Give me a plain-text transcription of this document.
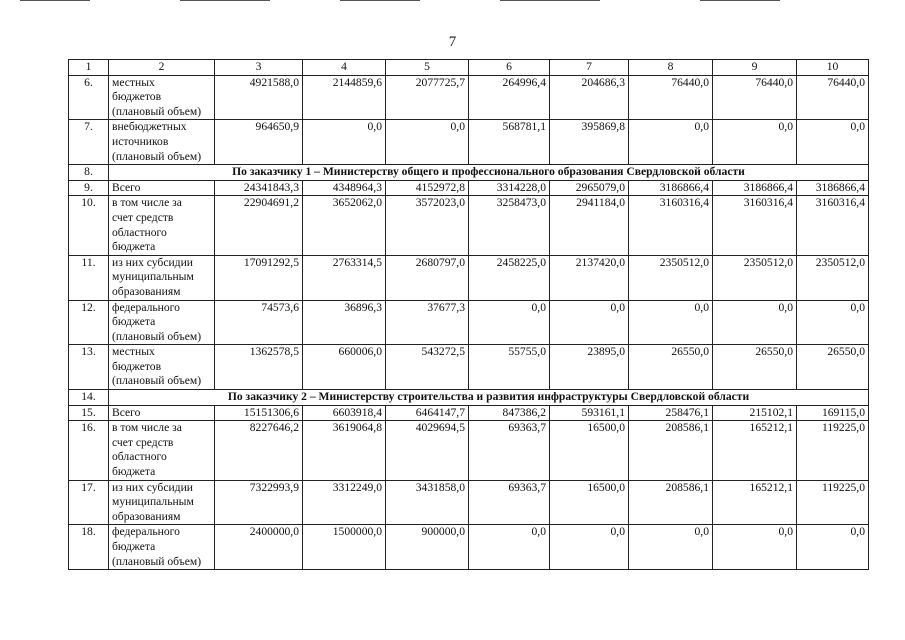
7
1	2	3	4	5	6	7	8	9	10
6.	местных
бюджетов
(плановый объем)	4921588,0	2144859,6	2077725,7	264996,4	204686,3	76440,0	76440,0	76440,0
7.	внебюджетных
источников
(плановый объем)	964650,9	0,0	0,0	568781,1	395869,8	0,0	0,0	0,0
8.	По заказчику 1 – Министерству общего и профессионального образования Свердловской области								
9.	Всего	24341843,3	4348964,3	4152972,8	3314228,0	2965079,0	3186866,4	3186866,4	3186866,4
10.	в том числе за
счет средств
областного
бюджета	22904691,2	3652062,0	3572023,0	3258473,0	2941184,0	3160316,4	3160316,4	3160316,4
11.	из них субсидии
муниципальным
образованиям	17091292,5	2763314,5	2680797,0	2458225,0	2137420,0	2350512,0	2350512,0	2350512,0
12.	федерального
бюджета
(плановый объем)	74573,6	36896,3	37677,3	0,0	0,0	0,0	0,0	0,0
13.	местных
бюджетов
(плановый объем)	1362578,5	660006,0	543272,5	55755,0	23895,0	26550,0	26550,0	26550,0
14.	По заказчику 2 – Министерству строительства и развития инфраструктуры Свердловской области								
15.	Всего	15151306,6	6603918,4	6464147,7	847386,2	593161,1	258476,1	215102,1	169115,0
16.	в том числе за
счет средств
областного
бюджета	8227646,2	3619064,8	4029694,5	69363,7	16500,0	208586,1	165212,1	119225,0
17.	из них субсидии
муниципальным
образованиям	7322993,9	3312249,0	3431858,0	69363,7	16500,0	208586,1	165212,1	119225,0
18.	федерального
бюджета
(плановый объем)	2400000,0	1500000,0	900000,0	0,0	0,0	0,0	0,0	0,0
